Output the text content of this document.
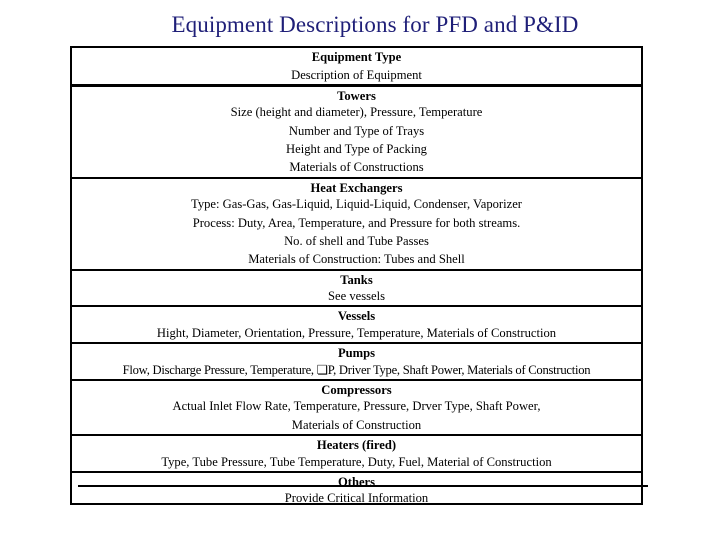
Equipment Descriptions for PFD and P&ID
Equipment Type
Description of Equipment
Towers
Size (height and diameter), Pressure, Temperature
Number and Type of Trays
Height and Type of Packing
Materials of Constructions
Heat Exchangers
Type: Gas-Gas, Gas-Liquid, Liquid-Liquid, Condenser, Vaporizer
Process: Duty, Area, Temperature, and Pressure for both streams.
No. of shell and Tube Passes
Materials of Construction: Tubes and Shell
Tanks
See vessels
Vessels
Hight, Diameter, Orientation, Pressure, Temperature, Materials of Construction
Pumps
Flow, Discharge Pressure, Temperature, ❏P, Driver Type, Shaft Power, Materials of Construction
Compressors
Actual Inlet Flow Rate, Temperature, Pressure, Drver Type, Shaft Power,
Materials of Construction
Heaters (fired)
Type, Tube Pressure, Tube Temperature, Duty, Fuel, Material of Construction
Others
Provide Critical Information
